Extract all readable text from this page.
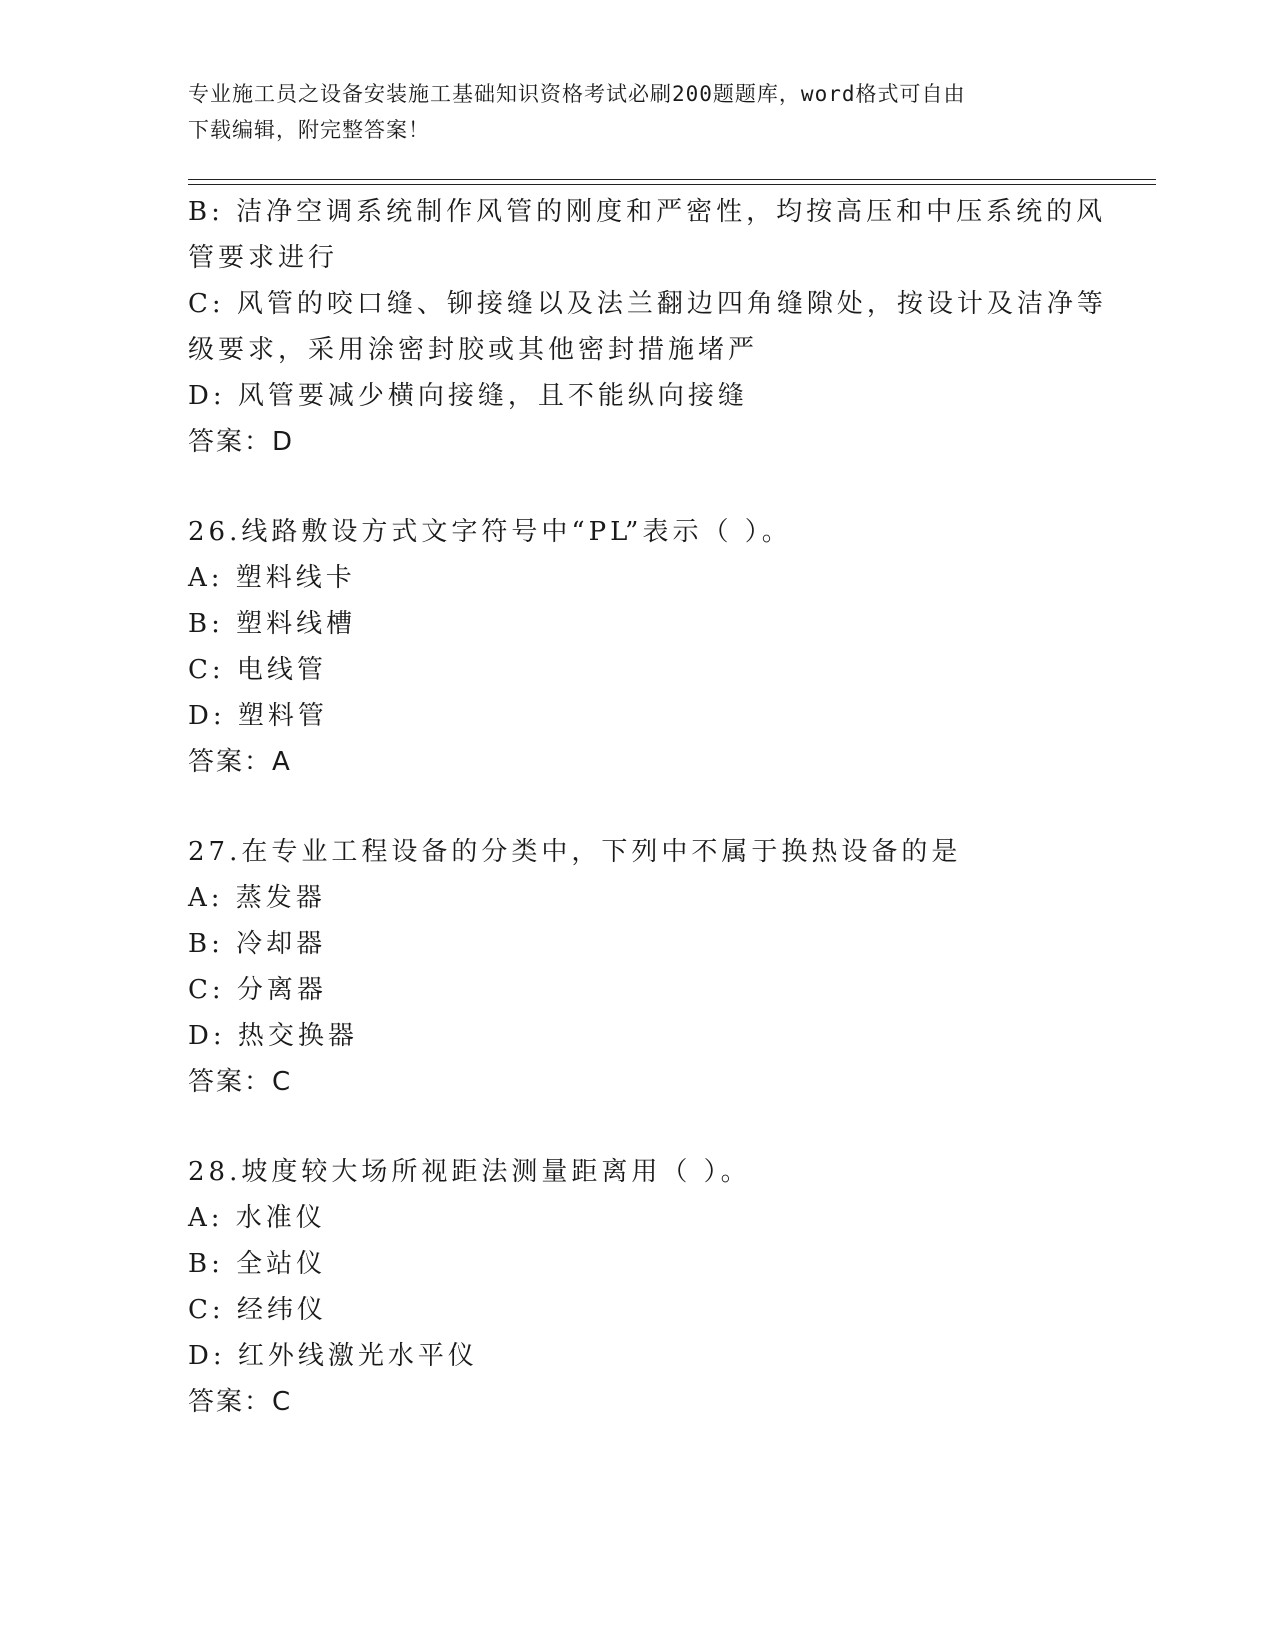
专业施工员之设备安装施工基础知识资格考试必刷200题题库，word格式可自由
下载编辑，附完整答案！
B: 洁净空调系统制作风管的刚度和严密性，均按高压和中压系统的风
管要求进行
C: 风管的咬口缝、铆接缝以及法兰翻边四角缝隙处，按设计及洁净等
级要求，采用涂密封胶或其他密封措施堵严
D: 风管要减少横向接缝，且不能纵向接缝
答案：D
26.线路敷设方式文字符号中“PL”表示（ ）。
A: 塑料线卡
B: 塑料线槽
C: 电线管
D: 塑料管
答案：A
27.在专业工程设备的分类中，下列中不属于换热设备的是
A: 蒸发器
B: 冷却器
C: 分离器
D: 热交换器
答案：C
28.坡度较大场所视距法测量距离用（ ）。
A: 水准仪
B: 全站仪
C: 经纬仪
D: 红外线激光水平仪
答案：C
